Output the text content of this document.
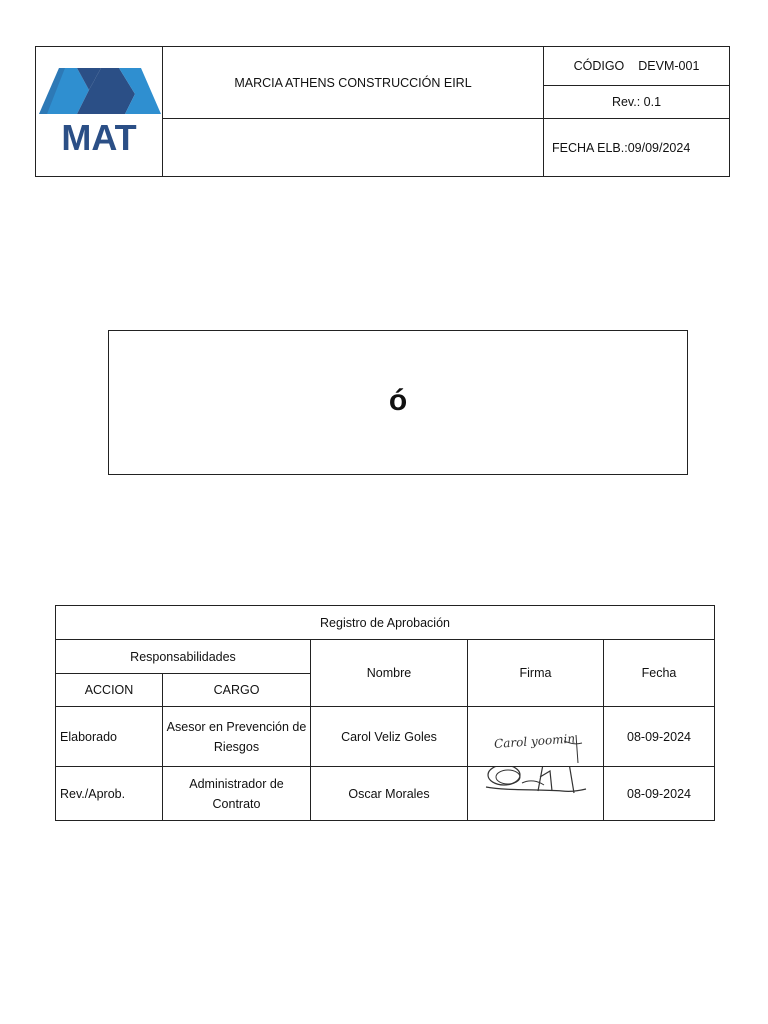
MAT	MARCIA ATHENS CONSTRUCCIÓN EIRL	CÓDIGO DEVM-001
		Rev.: 0.1
		FECHA ELB.:09/09/2024
ó
Registro de Aprobación				
Responsabilidades		Nombre	Firma	Fecha
ACCION	CARGO			
Elaborado	Asesor en Prevención de Riesgos	Carol Veliz Goles	Carol yoomin	08-09-2024
Rev./Aprob.	Administrador de Contrato	Oscar Morales		08-09-2024
